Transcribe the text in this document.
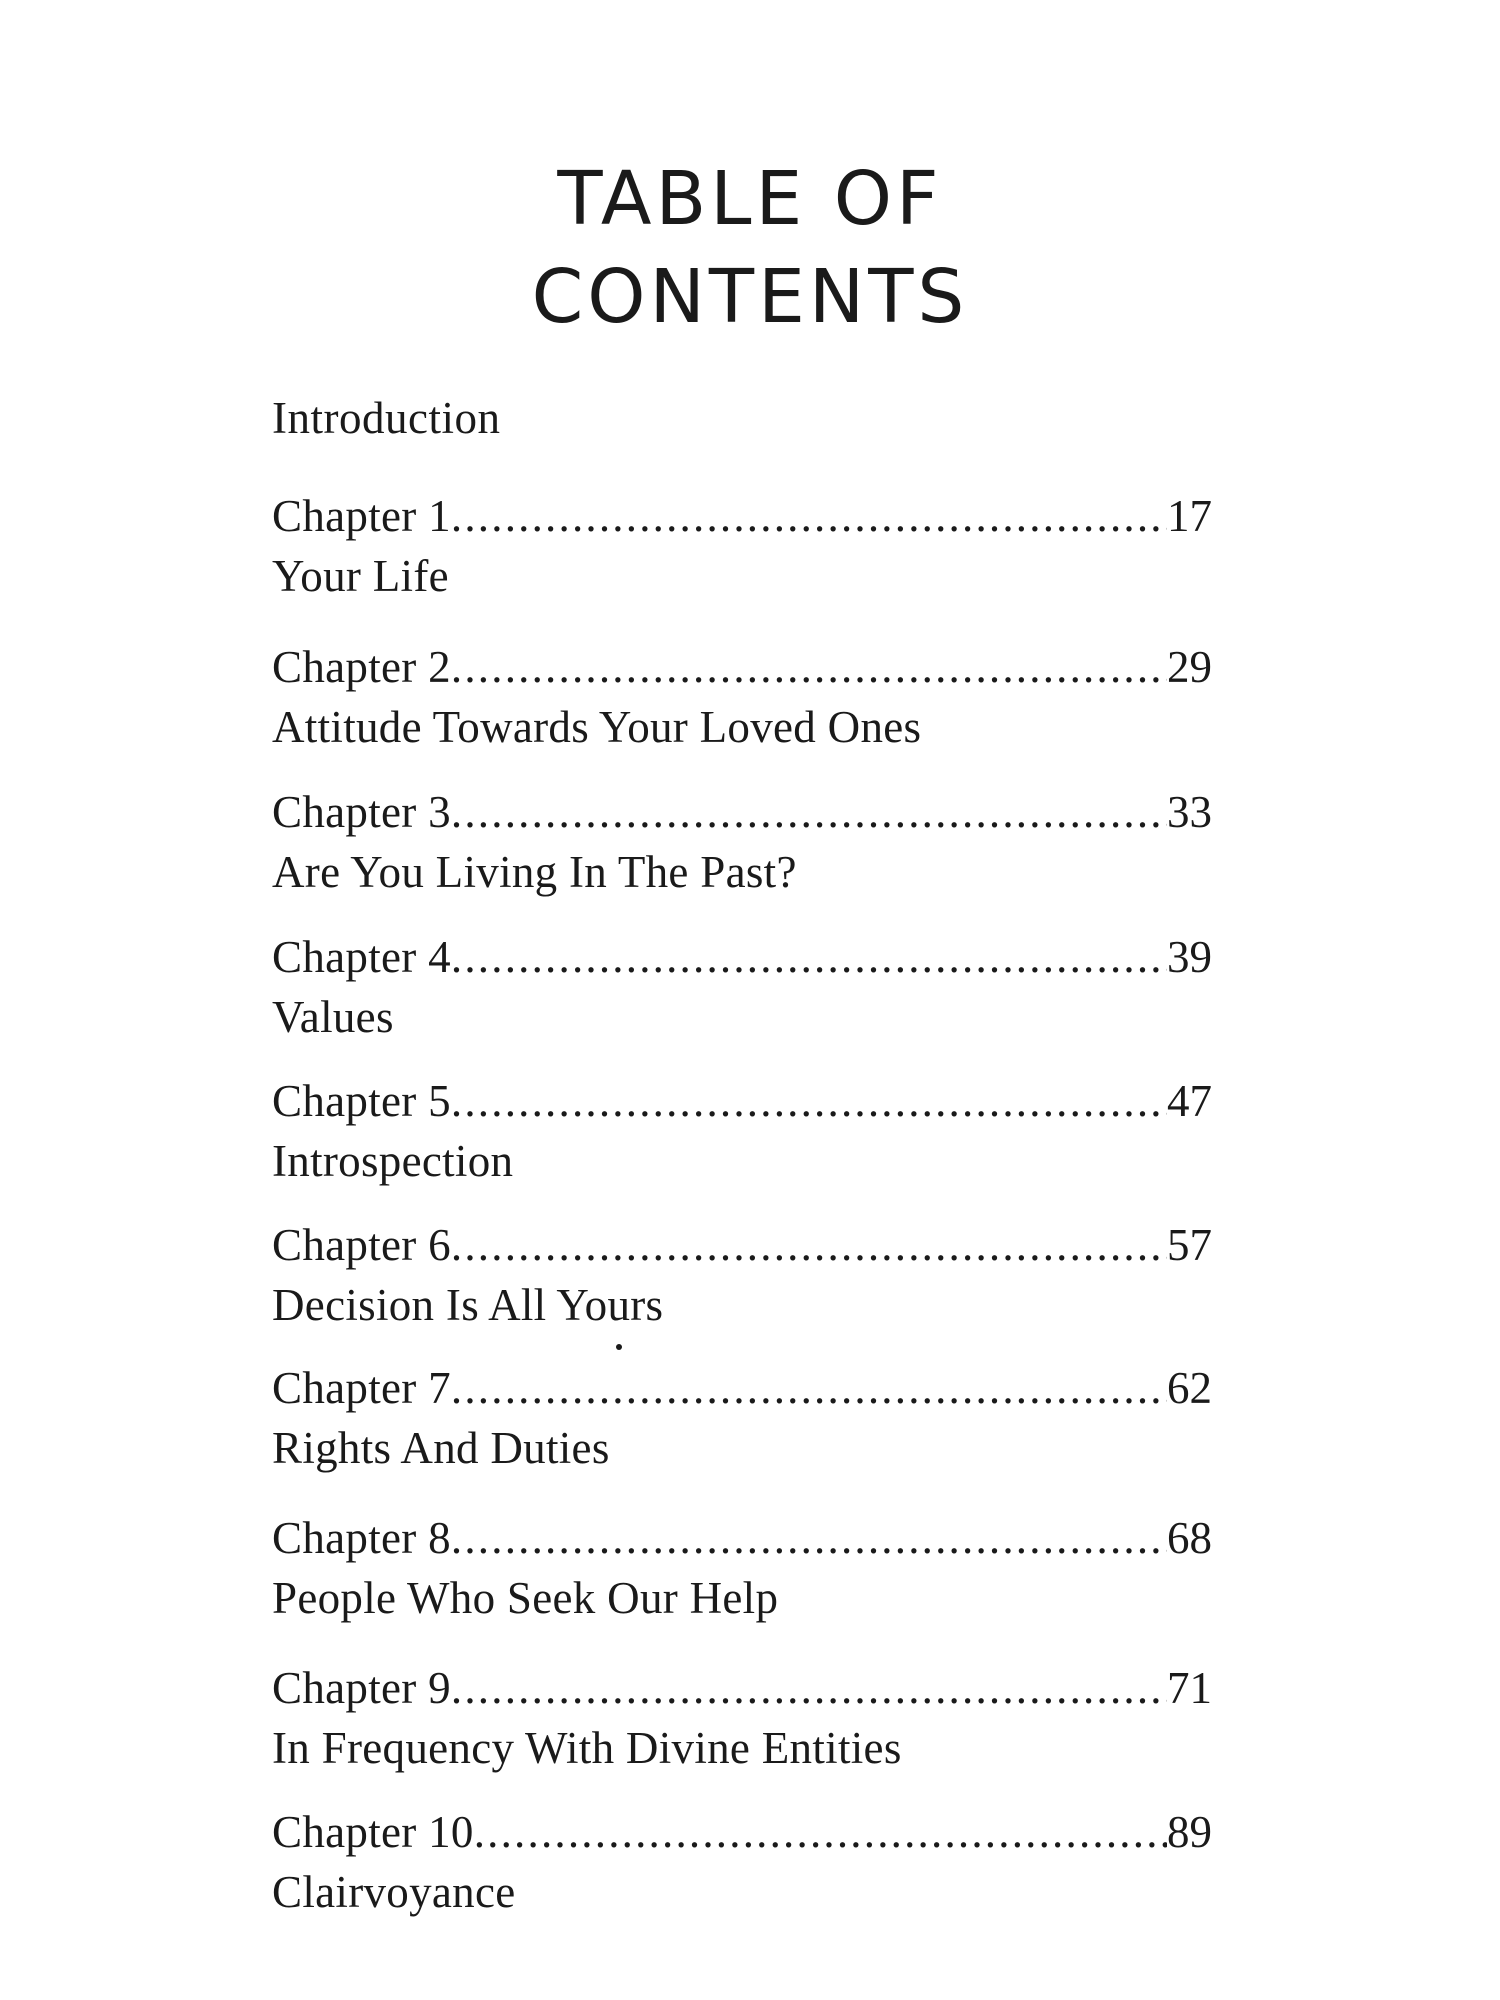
TABLE OF
CONTENTS
Introduction
Chapter 1 .....	17
Your Life
Chapter 2 .....	29
Attitude Towards Your Loved Ones
Chapter 3 .....	33
Are You Living In The Past?
Chapter 4 .....	39
Values
Chapter 5 .....	47
Introspection
Chapter 6 .....	57
Decision Is All Yours
Chapter 7 .....	62
Rights And Duties
Chapter 8 .....	68
People Who Seek Our Help
Chapter 9 .....	71
In Frequency With Divine Entities
Chapter 10 .....	89
Clairvoyance
